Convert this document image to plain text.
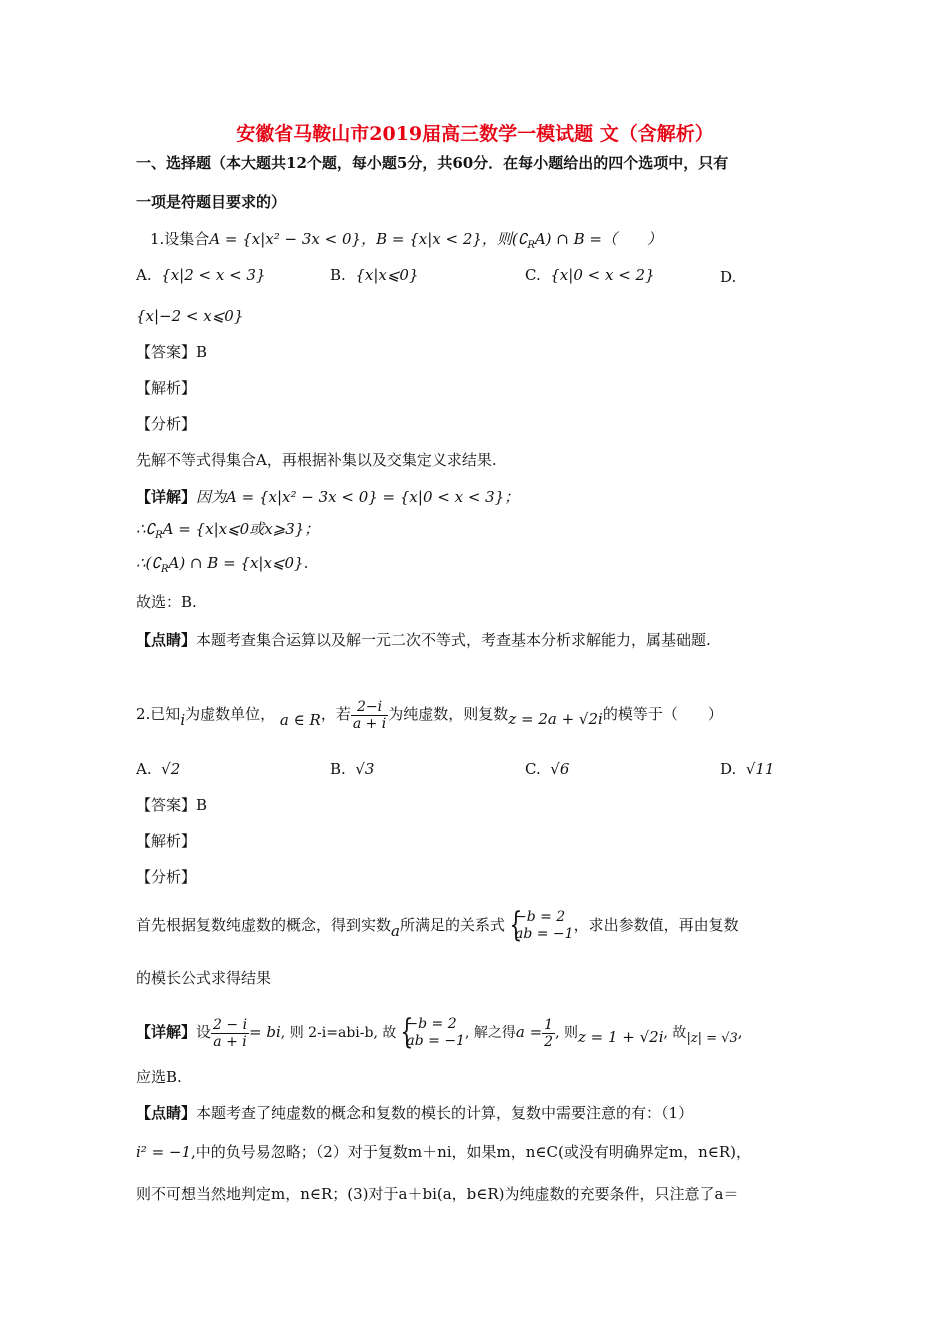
安徽省马鞍山市2019届高三数学一模试题 文（含解析）
一、选择题（本大题共12个题，每小题5分，共60分．在每小题给出的四个选项中，只有
一项是符题目要求的）
1.设集合A = {x|x² − 3x < 0}，B = {x|x < 2}，则$(∁_RA)$ ∩ B =（　　）
A. {x|2 < x < 3}	B. {x|x⩽0}	C. {x|0 < x < 2}	D.
{x|−2 < x⩽0}
【答案】B
【解析】
【分析】
先解不等式得集合A，再根据补集以及交集定义求结果.
【详解】因为A = {x|x² − 3x < 0} = {x|0 < x < 3}；
$\therefore∁_RA$ = {x|x⩽0或x⩾3}；
$\therefore(∁_RA)$ ∩ B = {x|x⩽0}.
故选：B.
【点睛】本题考查集合运算以及解一元二次不等式，考查基本分析求解能力，属基础题.
2.已知i为虚数单位， a ∈ R，若 $\frac{2-i}{a + i}$ 为纯虚数，则复数z = 2a + √2i的模等于（　　）
A. √2	B. √3	C. √6	D. √11
【答案】B
【解析】
【分析】
首先根据复数纯虚数的概念，得到实数a所满足的关系式
{ −b = 2
ab = −1 ，求出参数值，再由复数
的模长公式求得结果
【详解】设 $\frac{2 - i}{a + i}$ = bi, 则 2-i=abi-b, 故
{ −b = 2
ab = −1 , 解之得$a = \frac{1}{2}$ , 则z = 1 + √2i, 故|z| = √3,
应选B.
【点睛】本题考查了纯虚数的概念和复数的模长的计算，复数中需要注意的有：（1）
i² = −1,中的负号易忽略；（2）对于复数m＋ni，如果m，n∈C(或没有明确界定m，n∈R)，
则不可想当然地判定m，n∈R；(3)对于a＋bi(a，b∈R)为纯虚数的充要条件，只注意了a＝
